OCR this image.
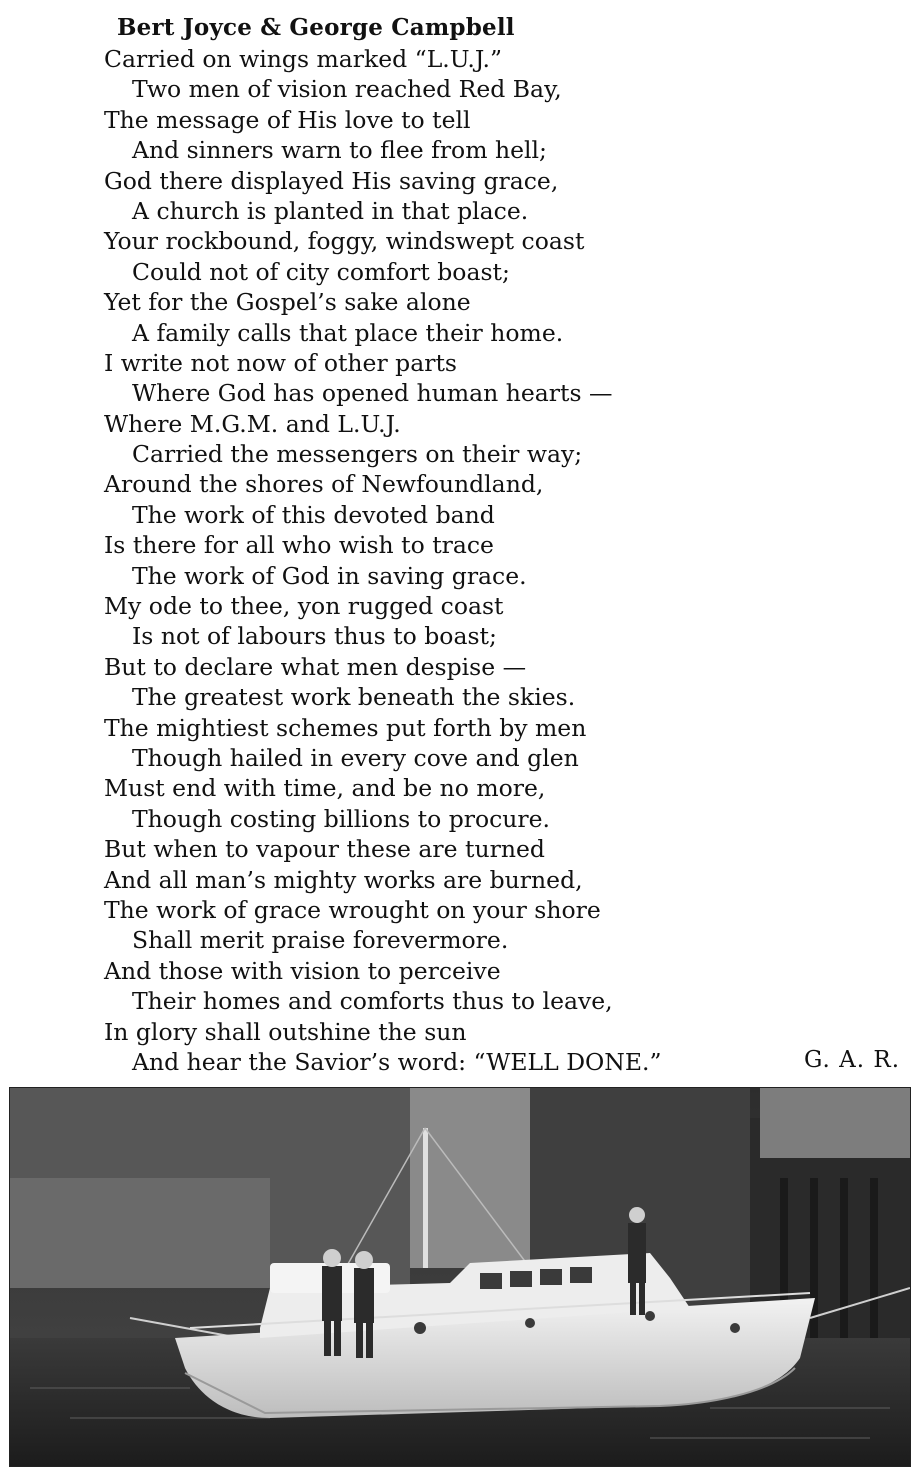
Bert Joyce & George Campbell
Carried on wings marked “L.U.J.”
Two men of vision reached Red Bay,
The message of His love to tell
And sinners warn to flee from hell;
God there displayed His saving grace,
A church is planted in that place.
Your rockbound, foggy, windswept coast
Could not of city comfort boast;
Yet for the Gospel’s sake alone
A family calls that place their home.
I write not now of other parts
Where God has opened human hearts —
Where M.G.M. and L.U.J.
Carried the messengers on their way;
Around the shores of Newfoundland,
The work of this devoted band
Is there for all who wish to trace
The work of God in saving grace.
My ode to thee, yon rugged coast
Is not of labours thus to boast;
But to declare what men despise —
The greatest work beneath the skies.
The mightiest schemes put forth by men
Though hailed in every cove and glen
Must end with time, and be no more,
Though costing billions to procure.
But when to vapour these are turned
And all man’s mighty works are burned,
The work of grace wrought on your shore
Shall merit praise forevermore.
And those with vision to perceive
Their homes and comforts thus to leave,
In glory shall outshine the sun
And hear the Savior’s word: “WELL DONE.”	G. A. R.
